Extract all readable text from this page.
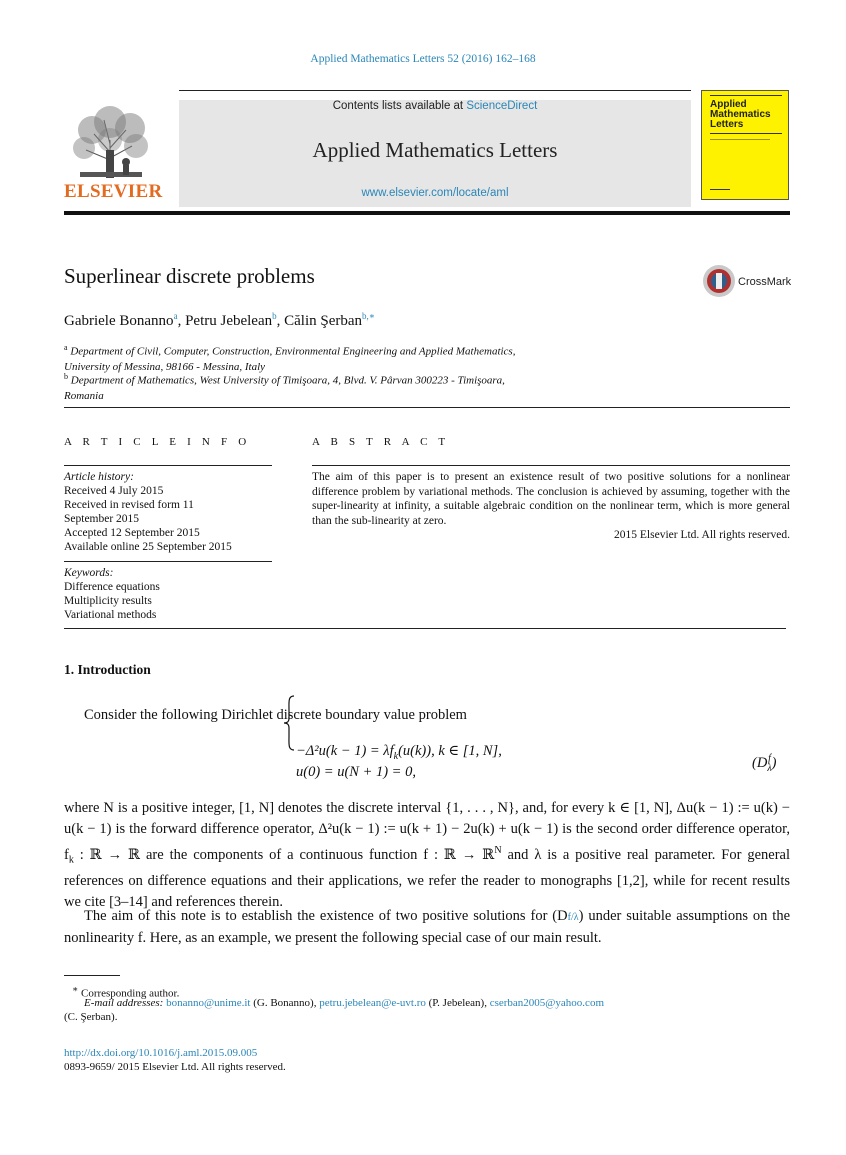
Applied Mathematics Letters 52 (2016) 162–168
Contents lists available at ScienceDirect
Applied Mathematics Letters
www.elsevier.com/locate/aml
ELSEVIER
Applied
Mathematics
Letters
Superlinear discrete problems	CrossMark
Gabriele Bonanno$^a$, Petru Jebelean$^b$, Călin Şerban$^{b,∗}$
$^a$ Department of Civil, Computer, Construction, Environmental Engineering and Applied Mathematics,
University of Messina, 98166 - Messina, Italy
$^b$ Department of Mathematics, West University of Timişoara, 4, Blvd. V. Pârvan 300223 - Timişoara,
Romania
A R T I C L E I N F O
Article history:
Received 4 July 2015
Received in revised form 11
September 2015
Accepted 12 September 2015
Available online 25 September 2015
Keywords:
Difference equations
Multiplicity results
Variational methods
A B S T R A C T
The aim of this paper is to present an existence result of two positive solutions for a nonlinear difference problem by variational methods. The conclusion is achieved by assuming, together with the super-linearity at infinity, a suitable algebraic condition on the nonlinear term, which is more general than the sub-linearity at zero.
2015 Elsevier Ltd. All rights reserved.
1. Introduction
Consider the following Dirichlet discrete boundary value problem
$-\Delta^2u(k - 1) = \lambda f_k(u(k))$, k ∈ [1, N],
u(0) = u(N + 1) = 0,
(Df
λ)
where N is a positive integer, [1, N] denotes the discrete interval {1, . . . , N}, and, for every k ∈ [1, N], Δu(k − 1) := u(k) − u(k − 1) is the forward difference operator, Δ²u(k − 1) := u(k + 1) − 2u(k) + u(k − 1) is the second order difference operator, $f_k$ : ℝ → ℝ are the components of a continuous function f : ℝ → ℝ$^N$ and λ is a positive real parameter. For general references on difference equations and their applications, we refer the reader to monographs [1,2], while for recent results we cite [3–14] and references therein.
The aim of this note is to establish the existence of two positive solutions for (Df/λ) under suitable assumptions on the nonlinearity f. Here, as an example, we present the following special case of our main result.
∗ Corresponding author.
E-mail addresses: bonanno@unime.it (G. Bonanno), petru.jebelean@e-uvt.ro (P. Jebelean), cserban2005@yahoo.com
(C. Şerban).
http://dx.doi.org/10.1016/j.aml.2015.09.005
0893-9659/ 2015 Elsevier Ltd. All rights reserved.
